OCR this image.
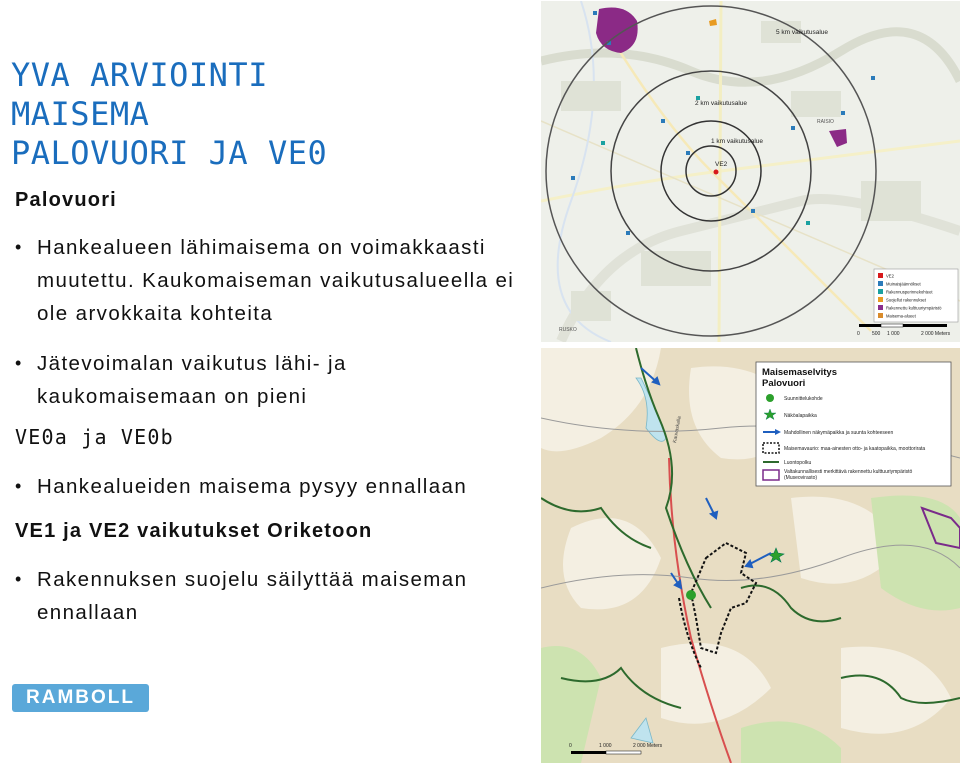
YVA ARVIOINTI
MAISEMA
PALOVUORI JA VE0
Palovuori
• Hankealueen lähimaisema on voimakkaasti muutettu. Kaukomaiseman vaikutusalueella ei ole arvokkaita kohteita
• Jätevoimalan vaikutus lähi- ja kaukomaisemaan on pieni
VE0a ja VE0b
• Hankealueiden maisema pysyy ennallaan
VE1 ja VE2 vaikutukset Oriketoon
• Rakennuksen suojelu säilyttää maiseman ennallaan
RAMBOLL
5 km vaikutusalue
2 km vaikutusalue
1 km vaikutusalue
VE2
RAISIO
RUSKO
VE2
Muinaisjäännökset
Rakennusperinnekohteet
Suojellut rakennukset
Rakennettu kulttuuriympäristö
Maisema-alueet
0 500 1 000	2 000 Meters
Kauvaskalla
Maisemaselvitys
Palovuori
Suunnittelukohde
Näköalapaikka
Mahdollinen näkymäpaikka ja suunta kohteeseen
Maisemavaurio: maa-ainesten otto- ja kaatopaikka, moottorirata
Luontopolku
Valtakunnallisesti merkittävä rakennettu kulttuuriympäristö (Museovirasto)
0	1 000	2 000 Meters
